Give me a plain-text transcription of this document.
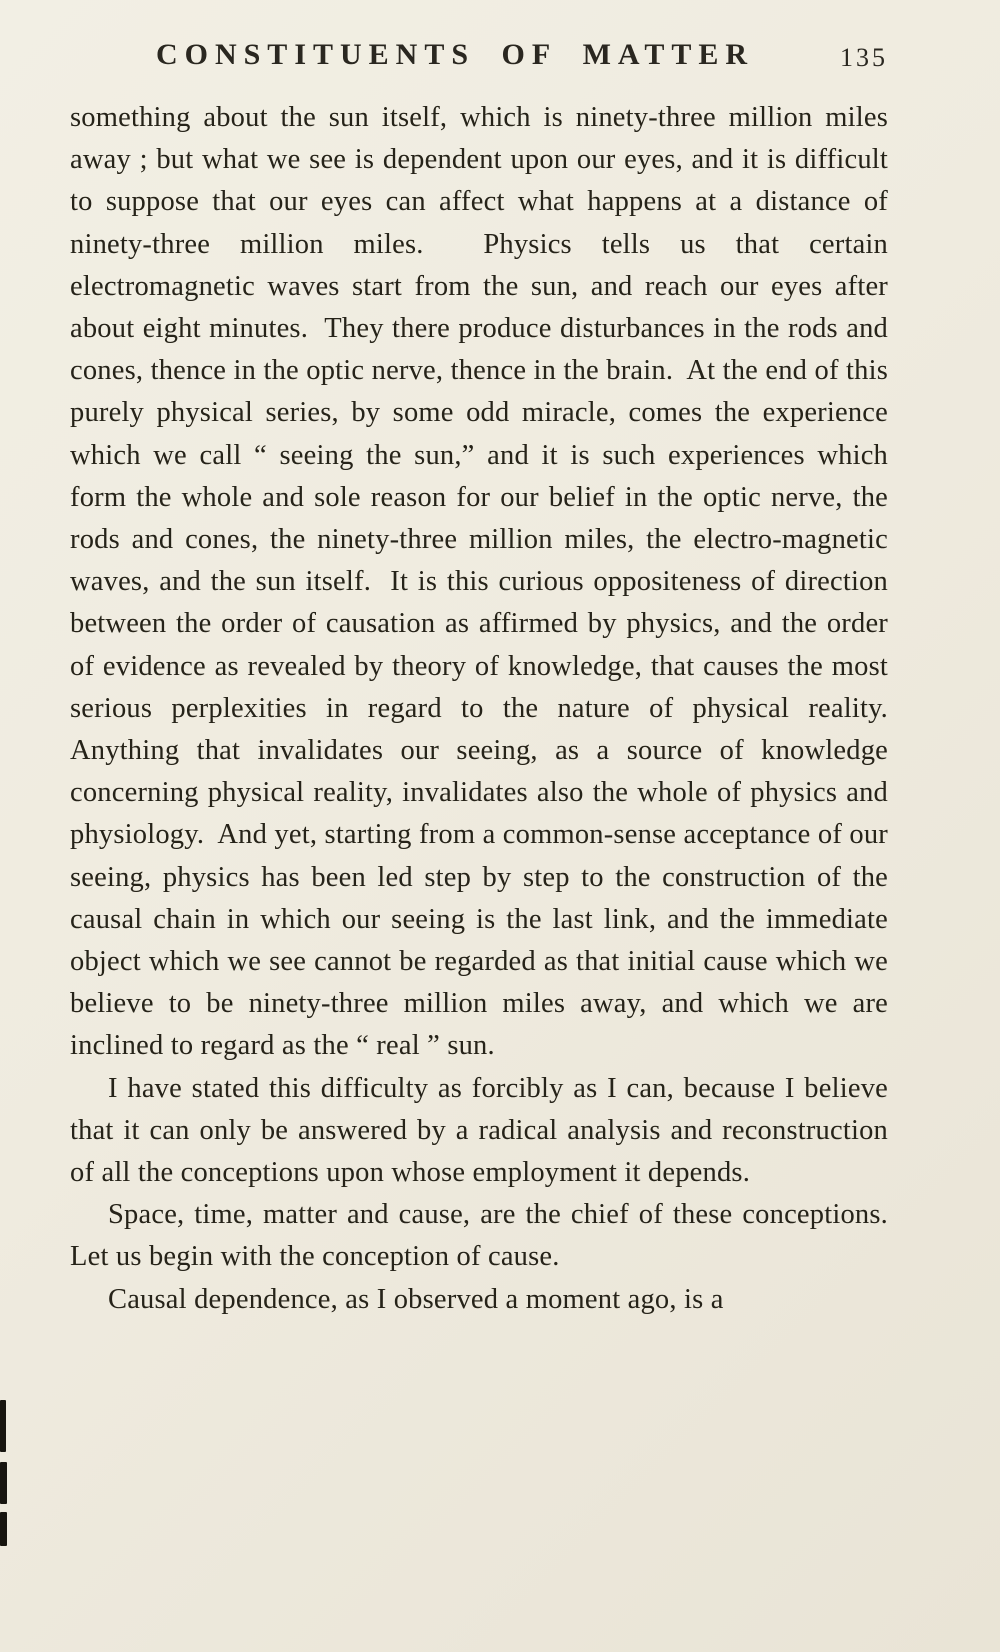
CONSTITUENTS OF MATTER	135

something about the sun itself, which is ninety-three million miles away ; but what we see is dependent upon our eyes, and it is difficult to suppose that our eyes can affect what happens at a distance of ninety-three million miles.  Physics tells us that certain electromagnetic waves start from the sun, and reach our eyes after about eight minutes.  They there produce disturbances in the rods and cones, thence in the optic nerve, thence in the brain.  At the end of this purely physical series, by some odd miracle, comes the experience which we call “ seeing the sun,” and it is such experiences which form the whole and sole reason for our belief in the optic nerve, the rods and cones, the ninety-three million miles, the electro-magnetic waves, and the sun itself.  It is this curious oppositeness of direction between the order of causation as affirmed by physics, and the order of evidence as revealed by theory of knowledge, that causes the most serious perplexities in regard to the nature of physical reality.  Anything that invalidates our seeing, as a source of knowledge concerning physical reality, invalidates also the whole of physics and physiology.  And yet, starting from a common-sense acceptance of our seeing, physics has been led step by step to the construction of the causal chain in which our seeing is the last link, and the immediate object which we see cannot be regarded as that initial cause which we believe to be ninety-three million miles away, and which we are inclined to regard as the “ real ” sun.

I have stated this difficulty as forcibly as I can, because I believe that it can only be answered by a radical analysis and reconstruction of all the conceptions upon whose employment it depends.

Space, time, matter and cause, are the chief of these conceptions.  Let us begin with the conception of cause.

Causal dependence, as I observed a moment ago, is a
